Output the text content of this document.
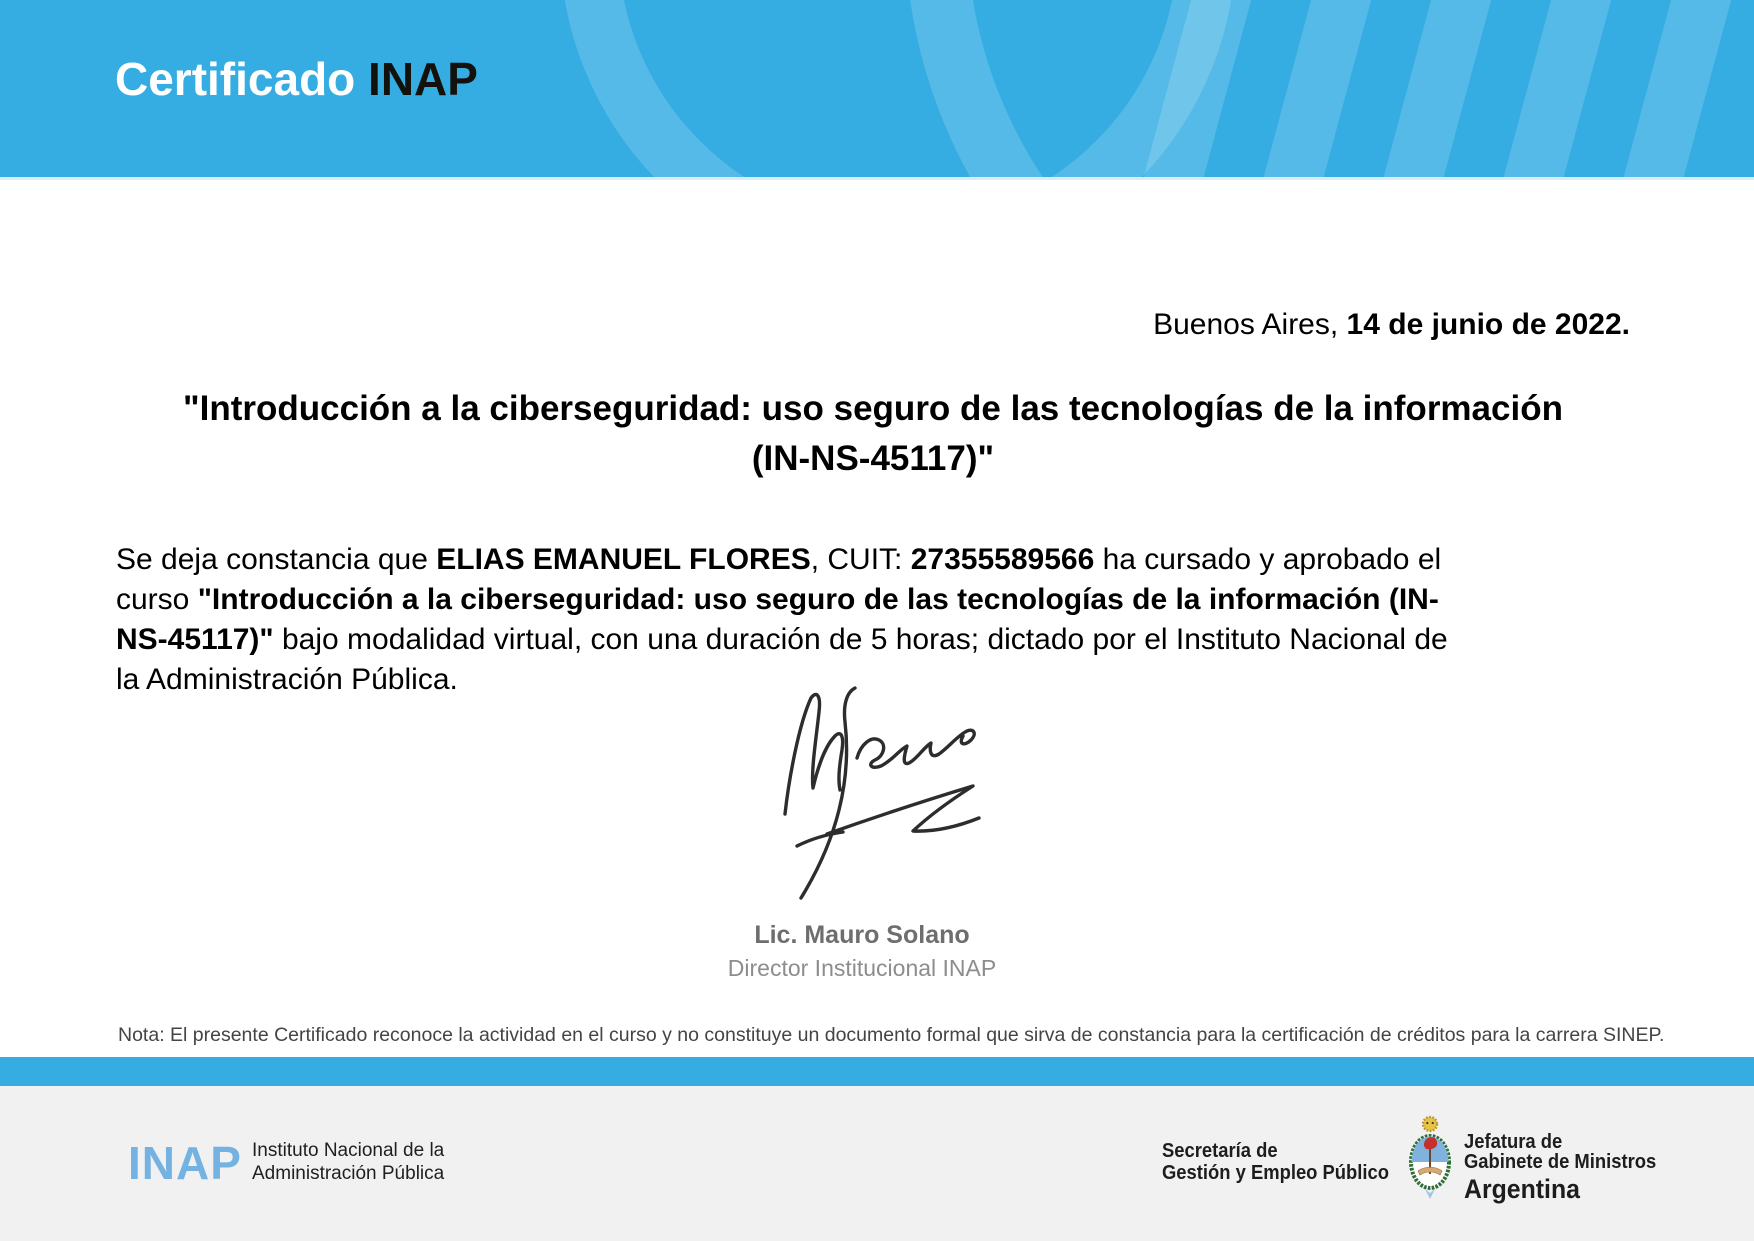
Certificado INAP

Buenos Aires, 14 de junio de 2022.

"Introducción a la ciberseguridad: uso seguro de las tecnologías de la información
(IN-NS-45117)"

Se deja constancia que ELIAS EMANUEL FLORES, CUIT: 27355589566 ha cursado y aprobado el
curso "Introducción a la ciberseguridad: uso seguro de las tecnologías de la información (IN-
NS-45117)" bajo modalidad virtual, con una duración de 5 horas; dictado por el Instituto Nacional de
la Administración Pública.

Lic. Mauro Solano
Director Institucional INAP

Nota: El presente Certificado reconoce la actividad en el curso y no constituye un documento formal que sirva de constancia para la certificación de créditos para la carrera SINEP.

INAP Instituto Nacional de la
Administración Pública
Secretaría de
Gestión y Empleo Público
Jefatura de
Gabinete de Ministros
Argentina
